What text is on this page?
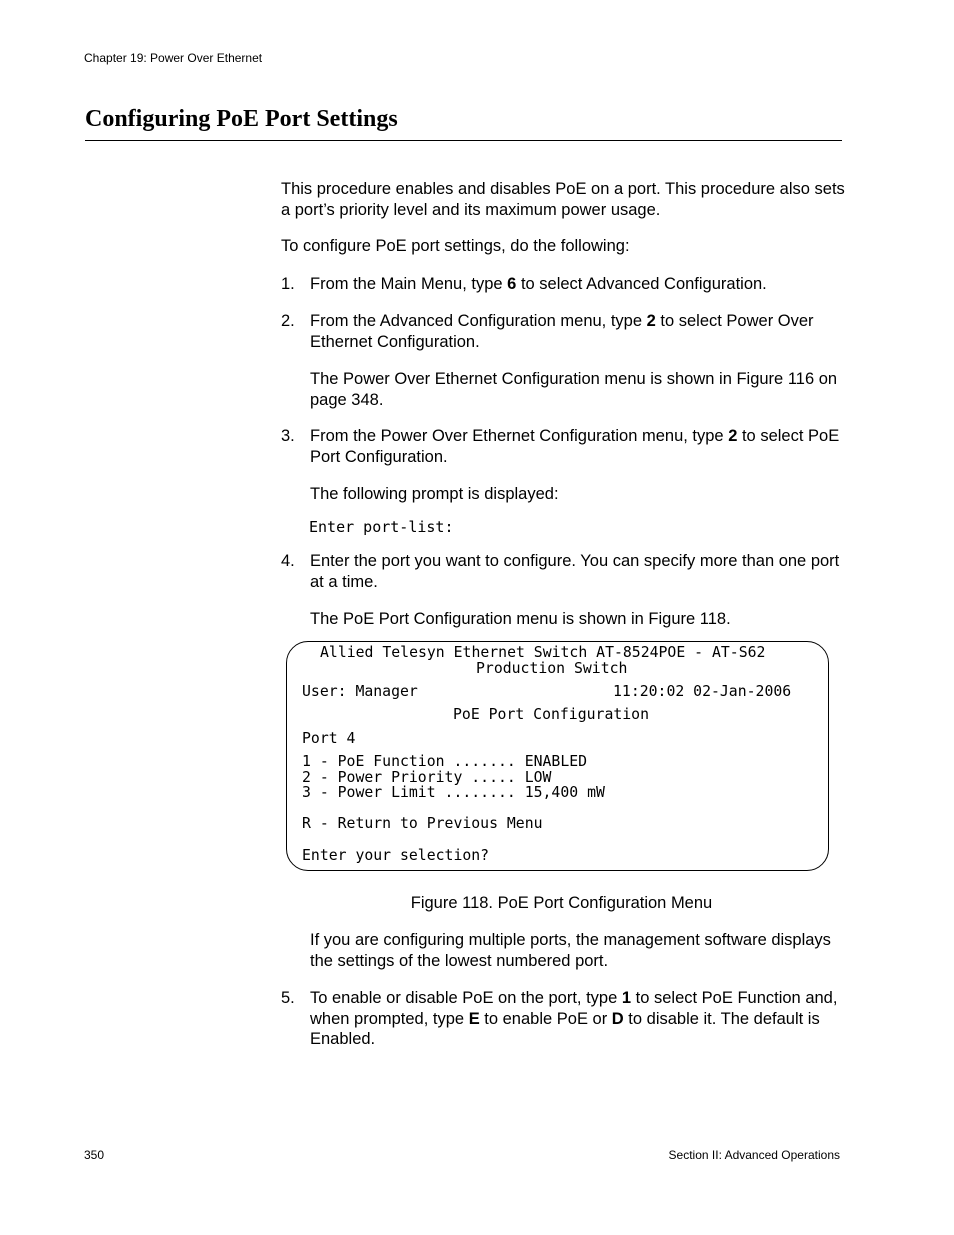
Chapter 19: Power Over Ethernet
Configuring PoE Port Settings
This procedure enables and disables PoE on a port. This procedure also sets a port’s priority level and its maximum power usage.
To configure PoE port settings, do the following:
1. From the Main Menu, type 6 to select Advanced Configuration.
2. From the Advanced Configuration menu, type 2 to select Power Over Ethernet Configuration.
The Power Over Ethernet Configuration menu is shown in Figure 116 on page 348.
3. From the Power Over Ethernet Configuration menu, type 2 to select PoE Port Configuration.
The following prompt is displayed:
Enter port-list:
4. Enter the port you want to configure. You can specify more than one port at a time.
The PoE Port Configuration menu is shown in Figure 118.
Allied Telesyn Ethernet Switch AT-8524POE - AT-S62
Production Switch
User: Manager	11:20:02 02-Jan-2006
PoE Port Configuration
Port 4
1 - PoE Function ....... ENABLED
2 - Power Priority ..... LOW
3 - Power Limit ........ 15,400 mW
R - Return to Previous Menu
Enter your selection?
Figure 118. PoE Port Configuration Menu
If you are configuring multiple ports, the management software displays the settings of the lowest numbered port.
5. To enable or disable PoE on the port, type 1 to select PoE Function and, when prompted, type E to enable PoE or D to disable it. The default is Enabled.
350	Section II: Advanced Operations
